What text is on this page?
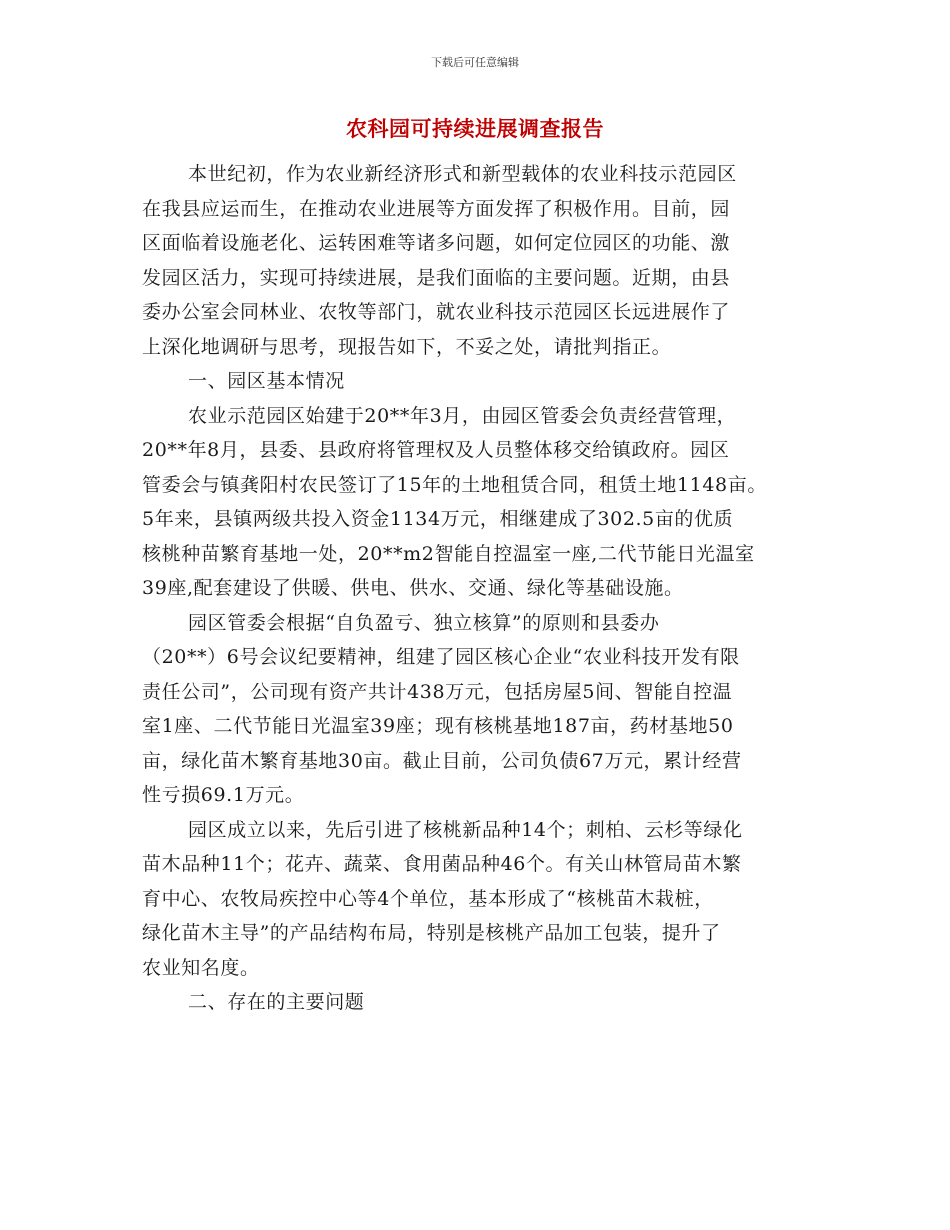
下载后可任意编辑
农科园可持续进展调查报告
本世纪初，作为农业新经济形式和新型载体的农业科技示范园区
在我县应运而生，在推动农业进展等方面发挥了积极作用。目前，园
区面临着设施老化、运转困难等诸多问题，如何定位园区的功能、激
发园区活力，实现可持续进展，是我们面临的主要问题。近期，由县
委办公室会同林业、农牧等部门，就农业科技示范园区长远进展作了
上深化地调研与思考，现报告如下，不妥之处，请批判指正。
一、园区基本情况
农业示范园区始建于20**年3月，由园区管委会负责经营管理，
20**年8月，县委、县政府将管理权及人员整体移交给镇政府。园区
管委会与镇龚阳村农民签订了15年的土地租赁合同，租赁土地1148亩。
5年来，县镇两级共投入资金1134万元，相继建成了302.5亩的优质
核桃种苗繁育基地一处，20**m2智能自控温室一座,二代节能日光温室
39座,配套建设了供暖、供电、供水、交通、绿化等基础设施。
园区管委会根据“自负盈亏、独立核算”的原则和县委办
（20**）6号会议纪要精神，组建了园区核心企业“农业科技开发有限
责任公司”，公司现有资产共计438万元，包括房屋5间、智能自控温
室1座、二代节能日光温室39座；现有核桃基地187亩，药材基地50
亩，绿化苗木繁育基地30亩。截止目前，公司负债67万元，累计经营
性亏损69.1万元。
园区成立以来，先后引进了核桃新品种14个；刺柏、云杉等绿化
苗木品种11个；花卉、蔬菜、食用菌品种46个。有关山林管局苗木繁
育中心、农牧局疾控中心等4个单位，基本形成了“核桃苗木栽桩，
绿化苗木主导”的产品结构布局，特别是核桃产品加工包装，提升了
农业知名度。
二、存在的主要问题
